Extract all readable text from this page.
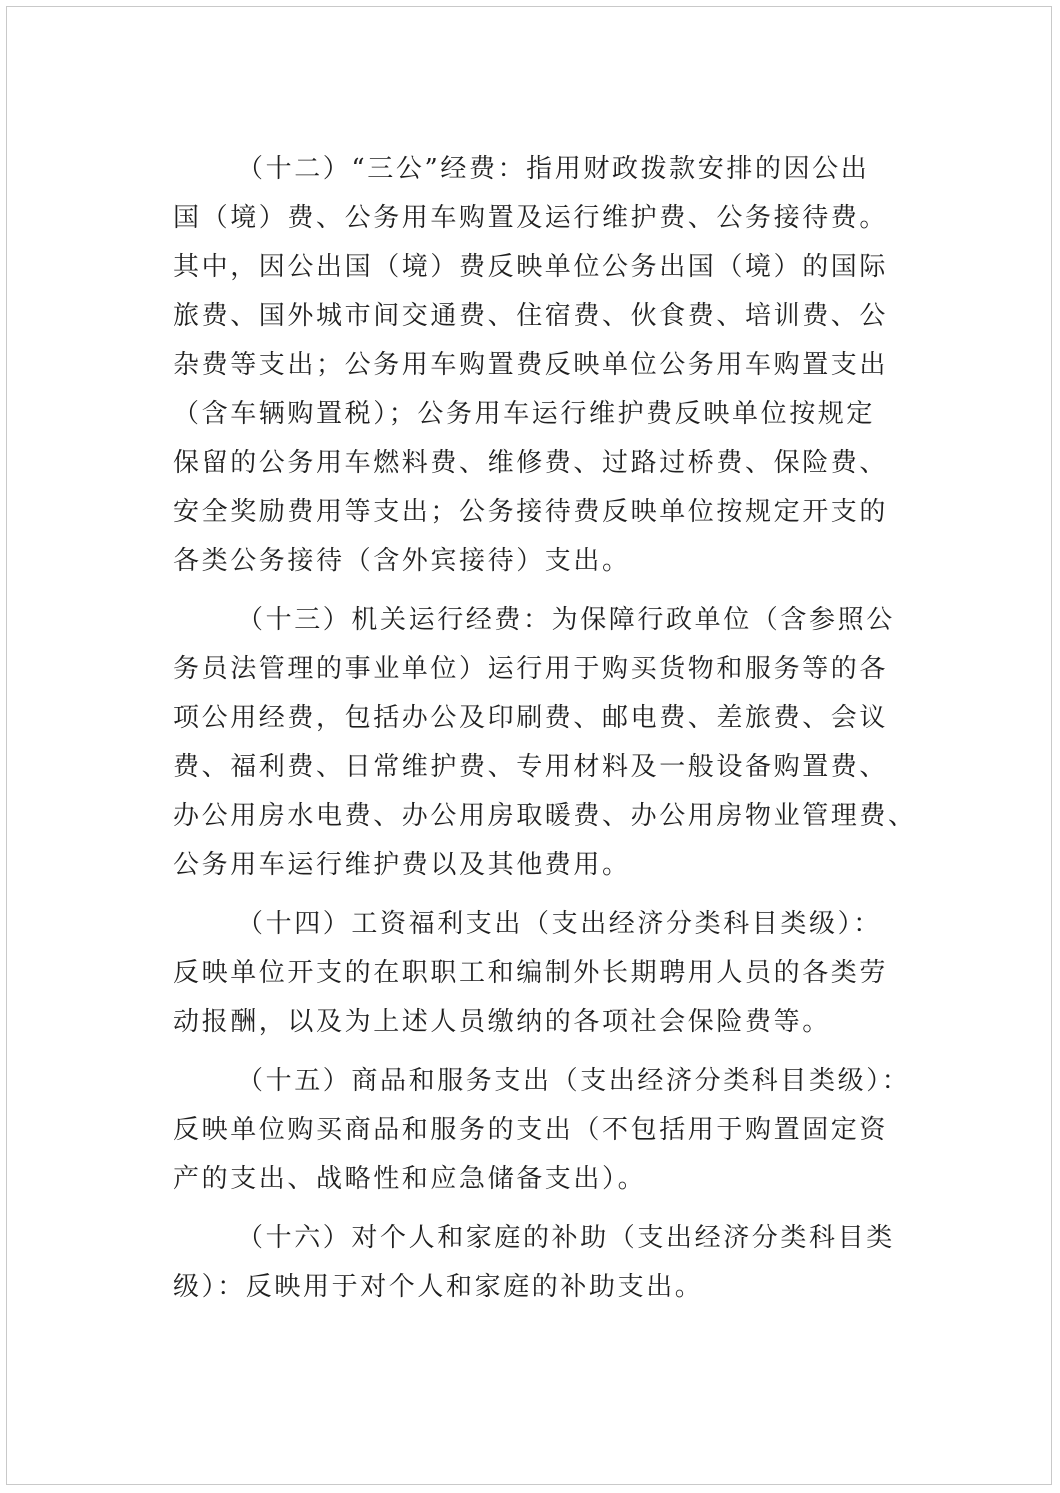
（十二）“三公”经费：指用财政拨款安排的因公出
国（境）费、公务用车购置及运行维护费、公务接待费。
其中，因公出国（境）费反映单位公务出国（境）的国际
旅费、国外城市间交通费、住宿费、伙食费、培训费、公
杂费等支出；公务用车购置费反映单位公务用车购置支出
（含车辆购置税）；公务用车运行维护费反映单位按规定
保留的公务用车燃料费、维修费、过路过桥费、保险费、
安全奖励费用等支出；公务接待费反映单位按规定开支的
各类公务接待（含外宾接待）支出。
（十三）机关运行经费：为保障行政单位（含参照公
务员法管理的事业单位）运行用于购买货物和服务等的各
项公用经费，包括办公及印刷费、邮电费、差旅费、会议
费、福利费、日常维护费、专用材料及一般设备购置费、
办公用房水电费、办公用房取暖费、办公用房物业管理费、
公务用车运行维护费以及其他费用。
（十四）工资福利支出（支出经济分类科目类级）：
反映单位开支的在职职工和编制外长期聘用人员的各类劳
动报酬，以及为上述人员缴纳的各项社会保险费等。
（十五）商品和服务支出（支出经济分类科目类级）：
反映单位购买商品和服务的支出（不包括用于购置固定资
产的支出、战略性和应急储备支出）。
（十六）对个人和家庭的补助（支出经济分类科目类
级）：反映用于对个人和家庭的补助支出。
